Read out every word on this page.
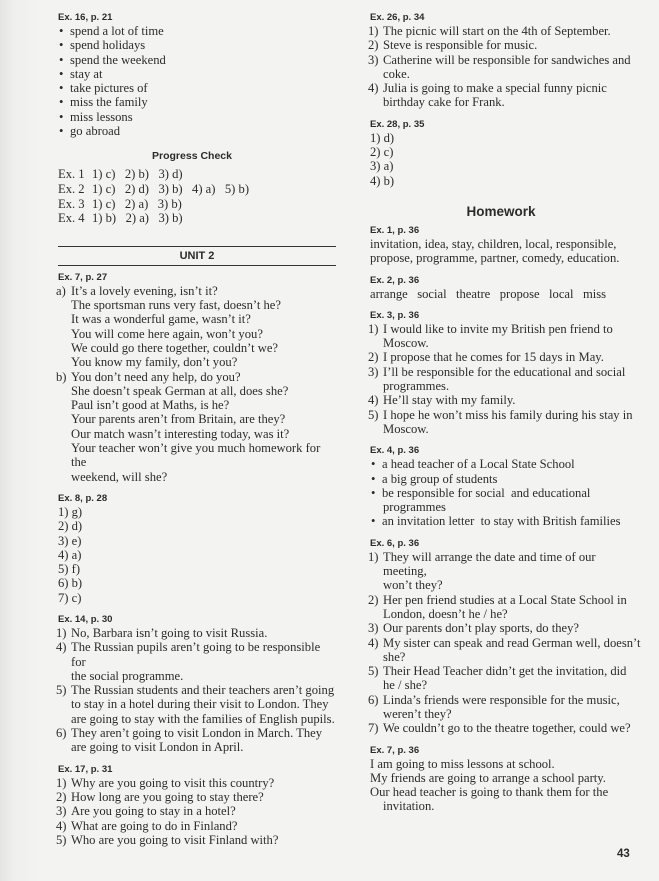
Ex. 16, p. 21
• spend a lot of time
• spend holidays
• spend the weekend
• stay at
• take pictures of
• miss the family
• miss lessons
• go abroad
Progress Check
Ex. 1 1) c)   2) b)   3) d)
Ex. 2 1) c)   2) d)   3) b)   4) a)   5) b)
Ex. 3 1) c)   2) a)   3) b)
Ex. 4 1) b)   2) a)   3) b)
UNIT 2
Ex. 7, p. 27
a) It’s a lovely evening, isn’t it?
The sportsman runs very fast, doesn’t he?
It was a wonderful game, wasn’t it?
You will come here again, won’t you?
We could go there together, couldn’t we?
You know my family, don’t you?
b) You don’t need any help, do you?
She doesn’t speak German at all, does she?
Paul isn’t good at Maths, is he?
Your parents aren’t from Britain, are they?
Our match wasn’t interesting today, was it?
Your teacher won’t give you much homework for the
weekend, will she?
Ex. 8, p. 28
1) g)
2) d)
3) e)
4) a)
5) f)
6) b)
7) c)
Ex. 14, p. 30
1) No, Barbara isn’t going to visit Russia.
4) The Russian pupils aren’t going to be responsible for
the social programme.
5) The Russian students and their teachers aren’t going
to stay in a hotel during their visit to London. They
are going to stay with the families of English pupils.
6) They aren’t going to visit London in March. They
are going to visit London in April.
Ex. 17, p. 31
1) Why are you going to visit this country?
2) How long are you going to stay there?
3) Are you going to stay in a hotel?
4) What are going to do in Finland?
5) Who are you going to visit Finland with?
Ex. 26, p. 34
1) The picnic will start on the 4th of September.
2) Steve is responsible for music.
3) Catherine will be responsible for sandwiches and
coke.
4) Julia is going to make a special funny picnic
birthday cake for Frank.
Ex. 28, p. 35
1) d)
2) c)
3) a)
4) b)
Homework
Ex. 1, p. 36
invitation, idea, stay, children, local, responsible,
propose, programme, partner, comedy, education.
Ex. 2, p. 36
arrange   social   theatre   propose   local   miss
Ex. 3, p. 36
1) I would like to invite my British pen friend to
Moscow.
2) I propose that he comes for 15 days in May.
3) I’ll be responsible for the educational and social
programmes.
4) He’ll stay with my family.
5) I hope he won’t miss his family during his stay in
Moscow.
Ex. 4, p. 36
• a head teacher of a Local State School
• a big group of students
• be responsible for social  and educational
programmes
• an invitation letter  to stay with British families
Ex. 6, p. 36
1) They will arrange the date and time of our meeting,
won’t they?
2) Her pen friend studies at a Local State School in
London, doesn’t he / he?
3) Our parents don’t play sports, do they?
4) My sister can speak and read German well, doesn’t
she?
5) Their Head Teacher didn’t get the invitation, did
he / she?
6) Linda’s friends were responsible for the music,
weren’t they?
7) We couldn’t go to the theatre together, could we?
Ex. 7, p. 36
I am going to miss lessons at school.
My friends are going to arrange a school party.
Our head teacher is going to thank them for the
invitation.
43
